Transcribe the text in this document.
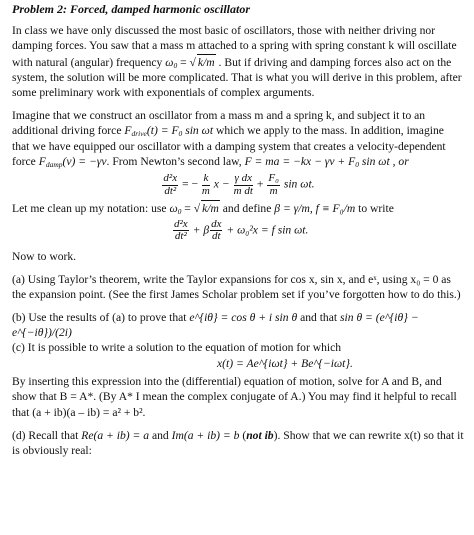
Problem 2: Forced, damped harmonic oscillator

In class we have only discussed the most basic of oscillators, those with neither driving nor damping forces. You saw that a mass m attached to a spring with spring constant k will oscillate with natural (angular) frequency $\omega_0$ = √ k/m . But if driving and damping forces also act on the system, the solution will be more complicated. That is what you will derive in this problem, after some preliminary work with exponentials of complex arguments.

Imagine that we construct an oscillator from a mass m and a spring k, and subject it to an additional driving force $F_{drive}(t) = F_0$ sin ωt which we apply to the mass. In addition, imagine that we have equipped our oscillator with a damping system that creates a velocity-dependent force $F_{damp}(v) = -\gamma v$. From Newton’s second law, F = ma = $-kx - \gamma v + F_0$ sin ωt , or

$\frac{\text{d²x}}{\text{dt²}}$ = − $\frac{k}{m}$ $x - \frac{\text{γ dx}}{\text{m dt}} + \frac{\text{F₀}}{m}$ sin ωt.

Let me clean up my notation: use $\omega_0$ = √ k/m and define β = γ/m, f ≡ F₀/m to write

$\frac{\text{d²x}}{\text{dt²}} + \beta \frac{dx}{dt} + \omega_0^2x = f$ sin ωt.

Now to work.

(a) Using Taylor’s theorem, write the Taylor expansions for cos x, sin x, and eˣ, using x₀ = 0 as the expansion point. (See the first James Scholar problem set if you’ve forgotten how to do this.)

(b) Use the results of (a) to prove that e^{iθ} = cos θ + i sin θ and that sin θ = (e^{iθ} − e^{−iθ})/(2i)

(c) It is possible to write a solution to the equation of motion for which

x(t) = Ae^{iωt} + Be^{−iωt}.

By inserting this expression into the (differential) equation of motion, solve for A and B, and show that B = A*. (By A* I mean the complex conjugate of A.) You may find it helpful to recall that (a + ib)(a – ib) = a² + b².

(d) Recall that Re(a + ib) = a and Im(a + ib) = b (not ib). Show that we can rewrite x(t) so that it is obviously real:
